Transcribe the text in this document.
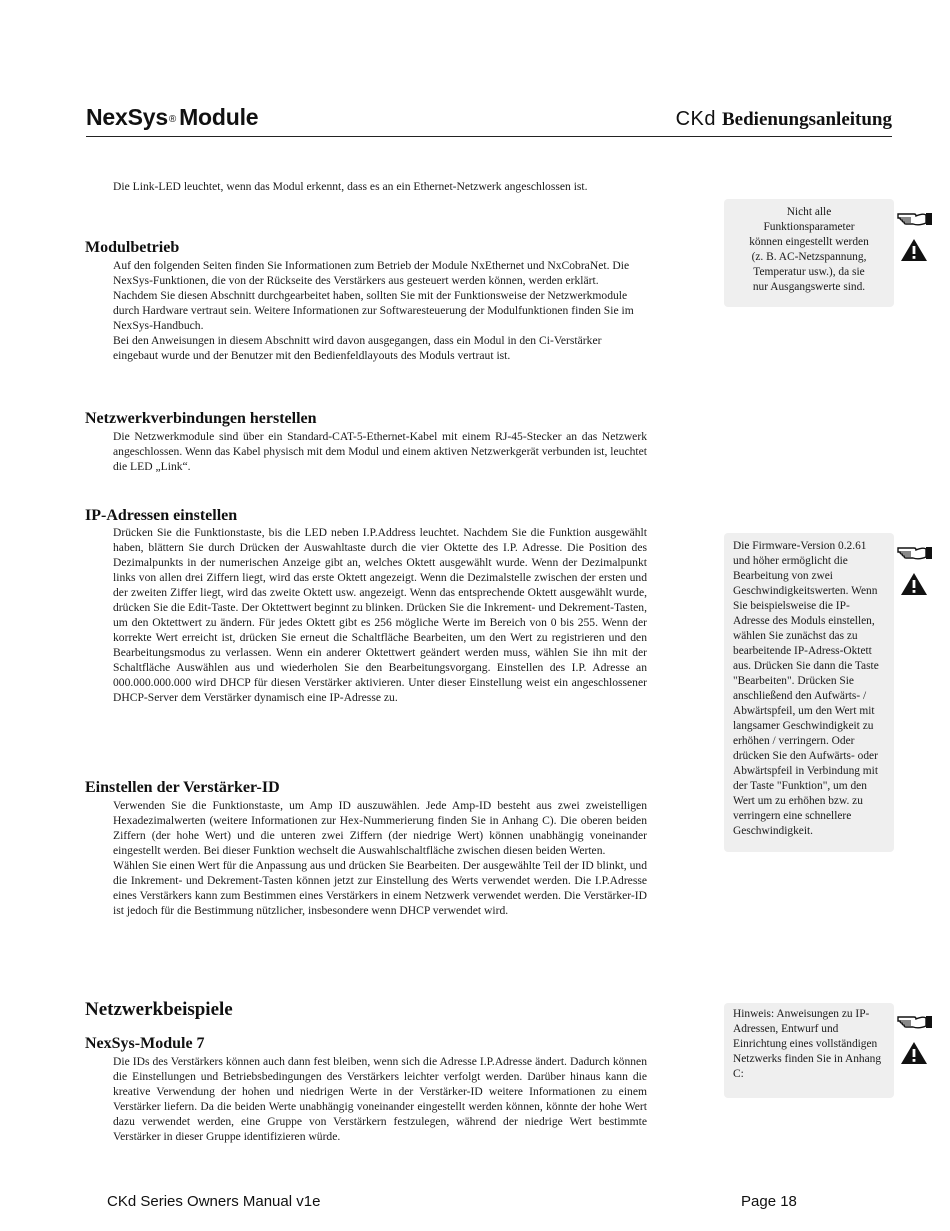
NexSys® Module	CKd Bedienungsanleitung

Die Link-LED leuchtet, wenn das Modul erkennt, dass es an ein Ethernet-Netzwerk angeschlossen ist.

Modulbetrieb

Auf den folgenden Seiten finden Sie Informationen zum Betrieb der Module NxEthernet und NxCobraNet. Die NexSys-Funktionen, die von der Rückseite des Verstärkers aus gesteuert werden können, werden erklärt.

Nachdem Sie diesen Abschnitt durchgearbeitet haben, sollten Sie mit der Funktionsweise der Netzwerkmodule durch Hardware vertraut sein. Weitere Informationen zur Softwaresteuerung der Modulfunktionen finden Sie im NexSys-Handbuch.

Bei den Anweisungen in diesem Abschnitt wird davon ausgegangen, dass ein Modul in den Ci-Verstärker eingebaut wurde und der Benutzer mit den Bedienfeldlayouts des Moduls vertraut ist.

Netzwerkverbindungen herstellen

Die Netzwerkmodule sind über ein Standard-CAT-5-Ethernet-Kabel mit einem RJ-45-Stecker an das Netzwerk angeschlossen. Wenn das Kabel physisch mit dem Modul und einem aktiven Netzwerkgerät verbunden ist, leuchtet die LED „Link“.

IP-Adressen einstellen

Drücken Sie die Funktionstaste, bis die LED neben I.P.Address leuchtet. Nachdem Sie die Funktion ausgewählt haben, blättern Sie durch Drücken der Auswahltaste durch die vier Oktette des I.P. Adresse. Die Position des Dezimalpunkts in der numerischen Anzeige gibt an, welches Oktett ausgewählt wurde. Wenn der Dezimalpunkt links von allen drei Ziffern liegt, wird das erste Oktett angezeigt. Wenn die Dezimalstelle zwischen der ersten und der zweiten Ziffer liegt, wird das zweite Oktett usw. angezeigt. Wenn das entsprechende Oktett ausgewählt wurde, drücken Sie die Edit-Taste. Der Oktettwert beginnt zu blinken. Drücken Sie die Inkrement- und Dekrement-Tasten, um den Oktettwert zu ändern. Für jedes Oktett gibt es 256 mögliche Werte im Bereich von 0 bis 255. Wenn der korrekte Wert erreicht ist, drücken Sie erneut die Schaltfläche Bearbeiten, um den Wert zu registrieren und den Bearbeitungsmodus zu verlassen. Wenn ein anderer Oktettwert geändert werden muss, wählen Sie ihn mit der Schaltfläche Auswählen aus und wiederholen Sie den Bearbeitungsvorgang. Einstellen des I.P. Adresse an 000.000.000.000 wird DHCP für diesen Verstärker aktivieren. Unter dieser Einstellung weist ein angeschlossener DHCP-Server dem Verstärker dynamisch eine IP-Adresse zu.

Einstellen der Verstärker-ID

Verwenden Sie die Funktionstaste, um Amp ID auszuwählen. Jede Amp-ID besteht aus zwei zweistelligen Hexadezimalwerten (weitere Informationen zur Hex-Nummerierung finden Sie in Anhang C). Die oberen beiden Ziffern (der hohe Wert) und die unteren zwei Ziffern (der niedrige Wert) können unabhängig voneinander eingestellt werden. Bei dieser Funktion wechselt die Auswahlschaltfläche zwischen diesen beiden Werten.

Wählen Sie einen Wert für die Anpassung aus und drücken Sie Bearbeiten. Der ausgewählte Teil der ID blinkt, und die Inkrement- und Dekrement-Tasten können jetzt zur Einstellung des Werts verwendet werden. Die I.P.Adresse eines Verstärkers kann zum Bestimmen eines Verstärkers in einem Netzwerk verwendet werden. Die Verstärker-ID ist jedoch für die Bestimmung nützlicher, insbesondere wenn DHCP verwendet wird.

Netzwerkbeispiele
NexSys-Module 7

Die IDs des Verstärkers können auch dann fest bleiben, wenn sich die Adresse I.P.Adresse ändert. Dadurch können die Einstellungen und Betriebsbedingungen des Verstärkers leichter verfolgt werden. Darüber hinaus kann die kreative Verwendung der hohen und niedrigen Werte in der Verstärker-ID weitere Informationen zu einem Verstärker liefern. Da die beiden Werte unabhängig voneinander eingestellt werden können, könnte der hohe Wert dazu verwendet werden, eine Gruppe von Verstärkern festzulegen, während der niedrige Wert bestimmte Verstärker in dieser Gruppe identifizieren würde.

Nicht alle

Funktionsparameter

können eingestellt werden

(z. B. AC-Netzspannung,

Temperatur usw.), da sie

nur Ausgangswerte sind.

Die Firmware-Version 0.2.61 und höher ermöglicht die Bearbeitung von zwei Geschwindigkeitswerten. Wenn Sie beispielsweise die IP-Adresse des Moduls einstellen, wählen Sie zunächst das zu bearbeitende IP-Adress-Oktett aus. Drücken Sie dann die Taste "Bearbeiten". Drücken Sie anschließend den Aufwärts- / Abwärtspfeil, um den Wert mit langsamer Geschwindigkeit zu erhöhen / verringern. Oder drücken Sie den Aufwärts- oder Abwärtspfeil in Verbindung mit der Taste "Funktion", um den Wert um zu erhöhen bzw. zu verringern eine schnellere Geschwindigkeit.

Hinweis: Anweisungen zu IP-Adressen, Entwurf und Einrichtung eines vollständigen Netzwerks finden Sie in Anhang C:

CKd Series Owners Manual v1e	Page 18
